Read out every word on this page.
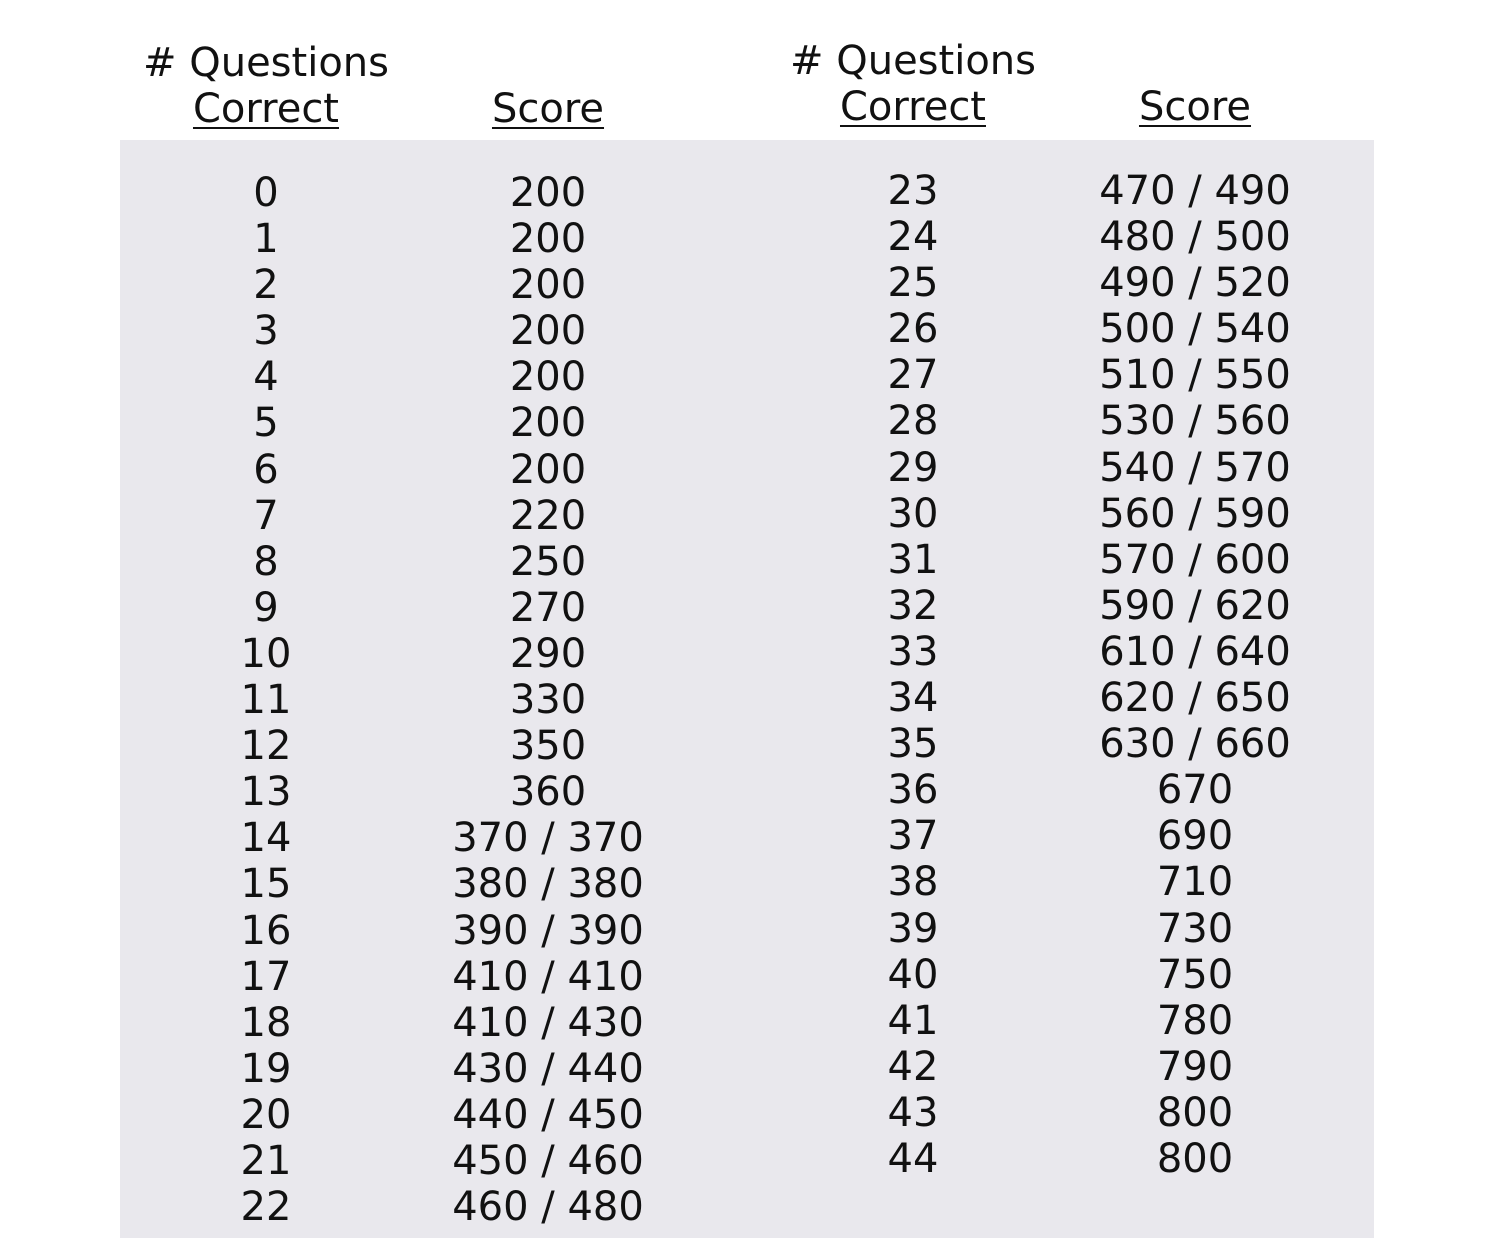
# Questions
Correct	Score
# Questions
Correct	Score
0
1
2
3
4
5
6
7
8
9
10
11
12
13
14
15
16
17
18
19
20
21
22
200
200
200
200
200
200
200
220
250
270
290
330
350
360
370 / 370
380 / 380
390 / 390
410 / 410
410 / 430
430 / 440
440 / 450
450 / 460
460 / 480
23
24
25
26
27
28
29
30
31
32
33
34
35
36
37
38
39
40
41
42
43
44
470 / 490
480 / 500
490 / 520
500 / 540
510 / 550
530 / 560
540 / 570
560 / 590
570 / 600
590 / 620
610 / 640
620 / 650
630 / 660
670
690
710
730
750
780
790
800
800
